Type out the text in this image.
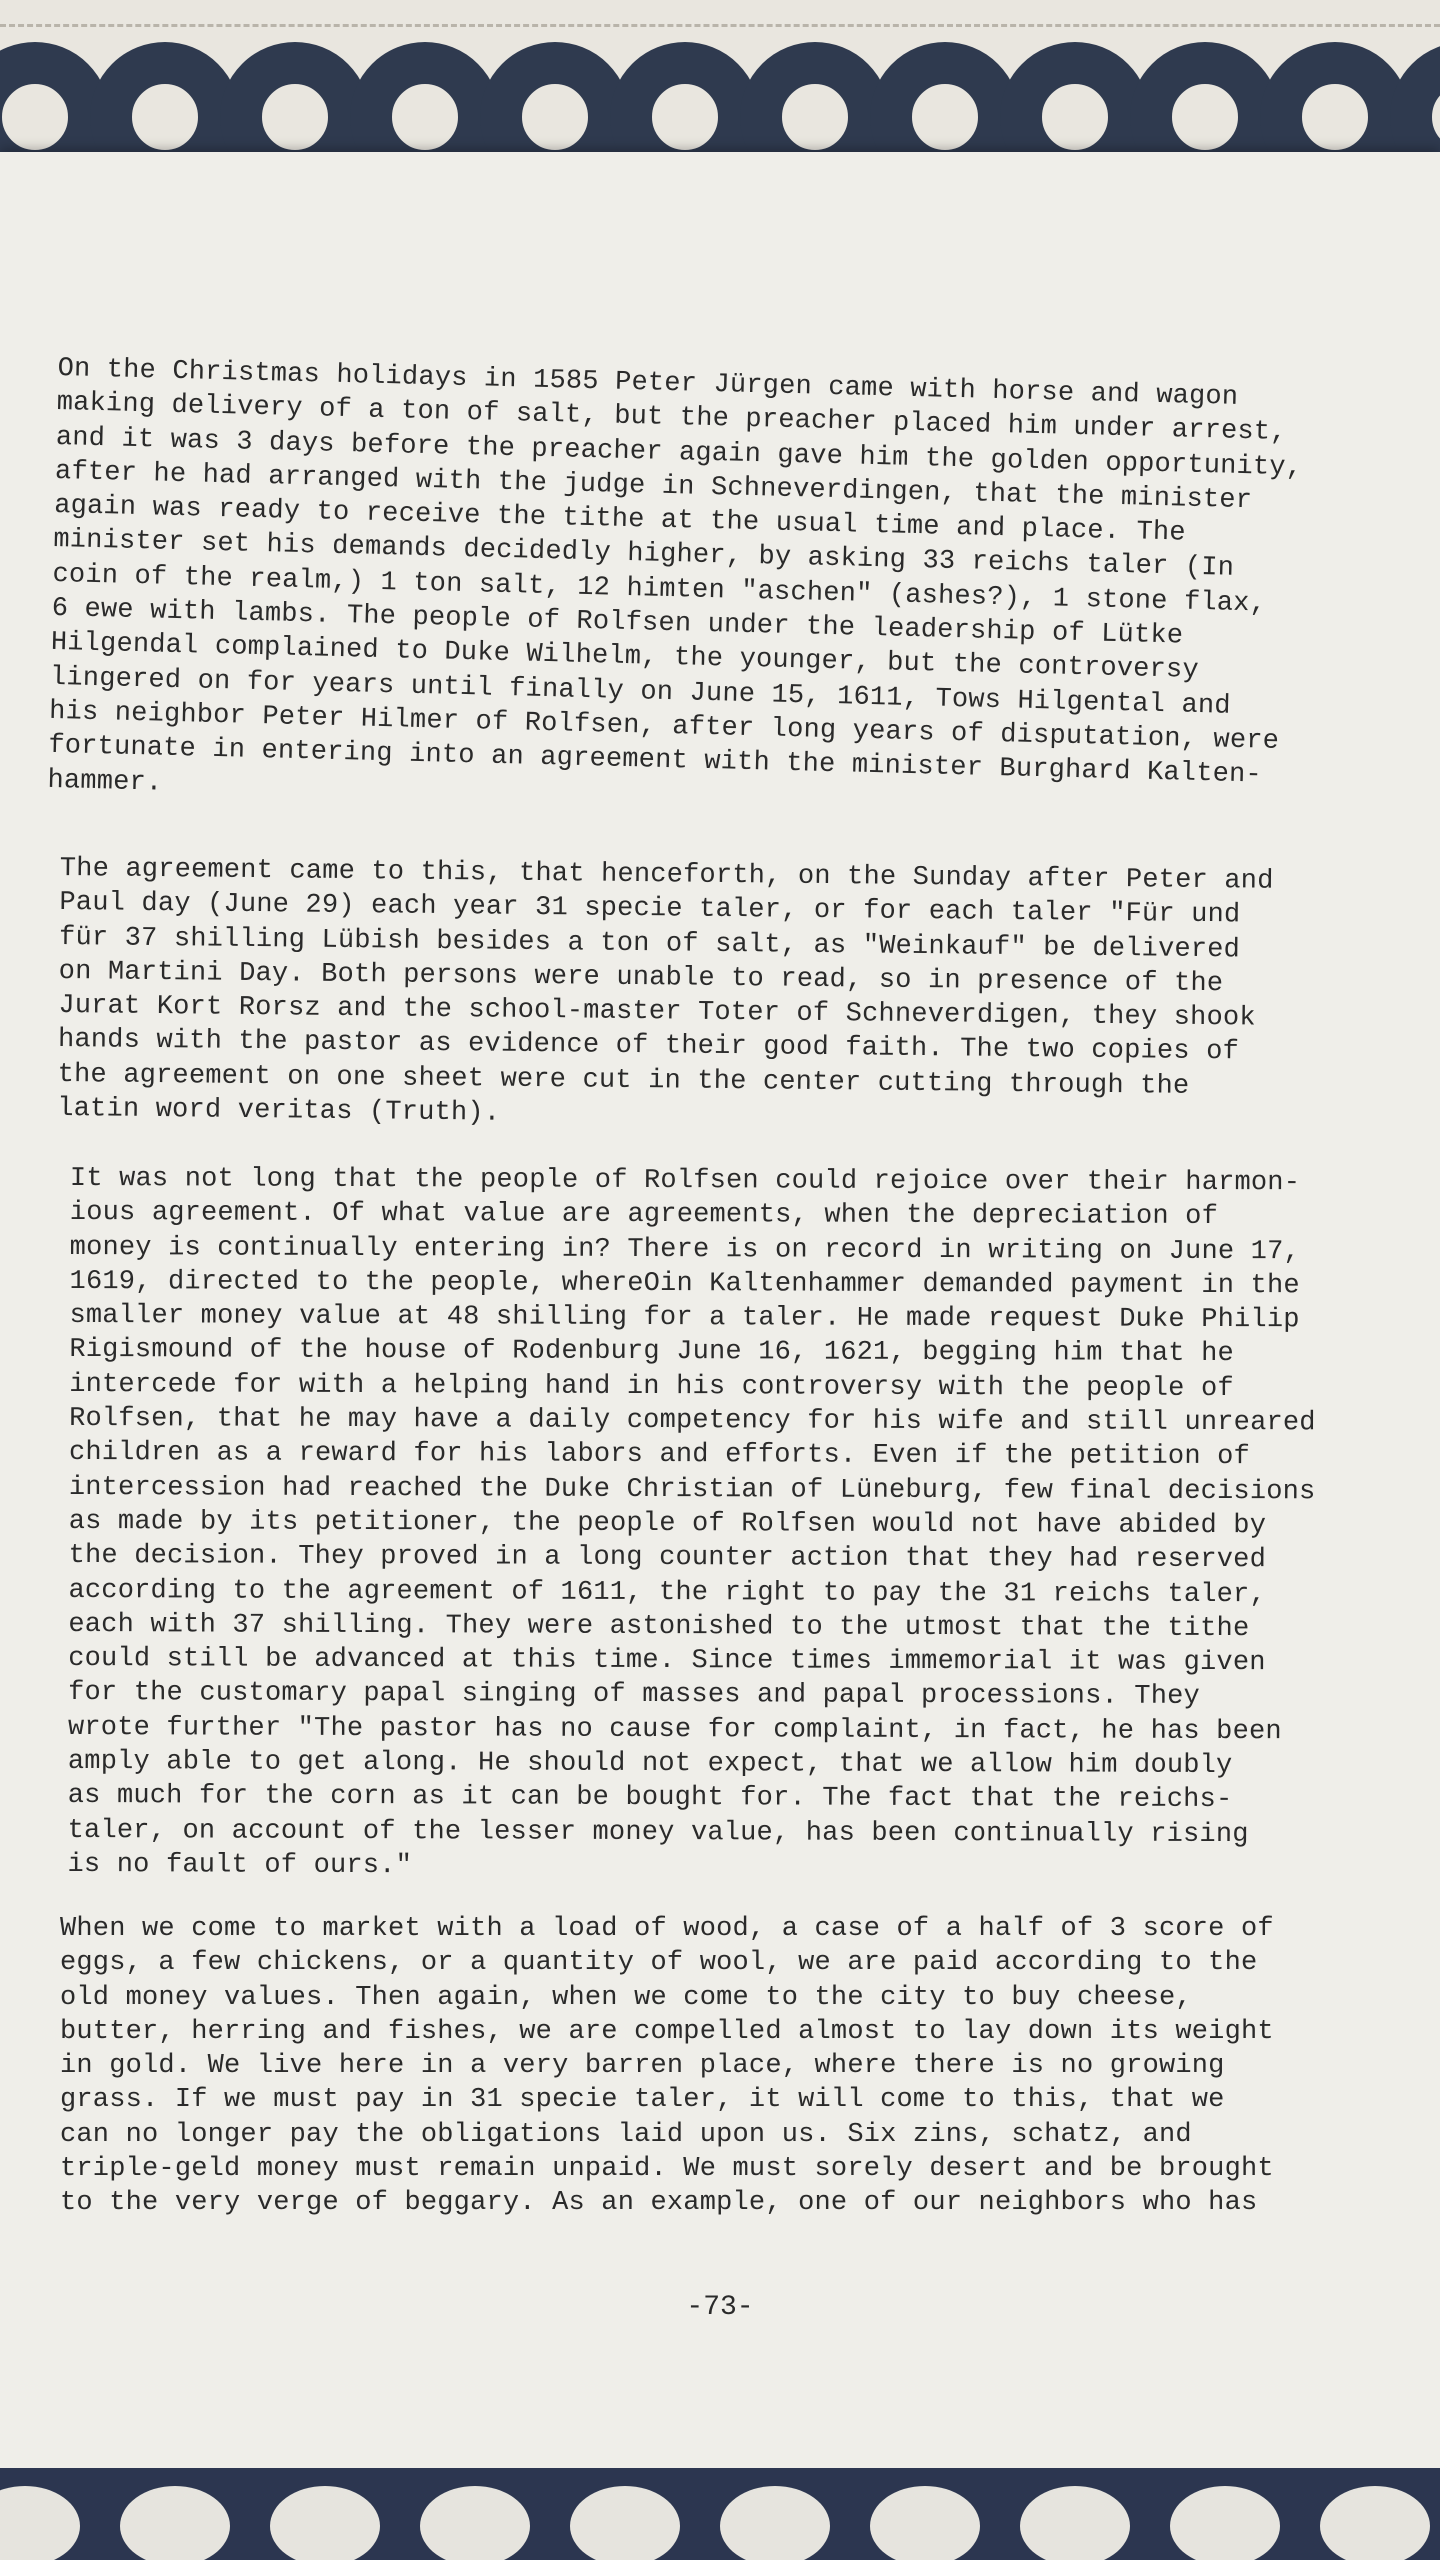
On the Christmas holidays in 1585 Peter Jürgen came with horse and wagon
making delivery of a ton of salt, but the preacher placed him under arrest,
and it was 3 days before the preacher again gave him the golden opportunity,
after he had arranged with the judge in Schneverdingen, that the minister
again was ready to receive the tithe at the usual time and place. The
minister set his demands decidedly higher, by asking 33 reichs taler (In
coin of the realm,) 1 ton salt, 12 himten "aschen" (ashes?), 1 stone flax,
6 ewe with lambs. The people of Rolfsen under the leadership of Lütke
Hilgendal complained to Duke Wilhelm, the younger, but the controversy
lingered on for years until finally on June 15, 1611, Tows Hilgental and
his neighbor Peter Hilmer of Rolfsen, after long years of disputation, were
fortunate in entering into an agreement with the minister Burghard Kalten-
hammer.
The agreement came to this, that henceforth, on the Sunday after Peter and
Paul day (June 29) each year 31 specie taler, or for each taler "Für und
für 37 shilling Lübish besides a ton of salt, as "Weinkauf" be delivered
on Martini Day. Both persons were unable to read, so in presence of the
Jurat Kort Rorsz and the school-master Toter of Schneverdigen, they shook
hands with the pastor as evidence of their good faith. The two copies of
the agreement on one sheet were cut in the center cutting through the
latin word veritas (Truth).
It was not long that the people of Rolfsen could rejoice over their harmon-
ious agreement. Of what value are agreements, when the depreciation of
money is continually entering in? There is on record in writing on June 17,
1619, directed to the people, whereOin Kaltenhammer demanded payment in the
smaller money value at 48 shilling for a taler. He made request Duke Philip
Rigismound of the house of Rodenburg June 16, 1621, begging him that he
intercede for with a helping hand in his controversy with the people of
Rolfsen, that he may have a daily competency for his wife and still unreared
children as a reward for his labors and efforts. Even if the petition of
intercession had reached the Duke Christian of Lüneburg, few final decisions
as made by its petitioner, the people of Rolfsen would not have abided by
the decision. They proved in a long counter action that they had reserved
according to the agreement of 1611, the right to pay the 31 reichs taler,
each with 37 shilling. They were astonished to the utmost that the tithe
could still be advanced at this time. Since times immemorial it was given
for the customary papal singing of masses and papal processions. They
wrote further "The pastor has no cause for complaint, in fact, he has been
amply able to get along. He should not expect, that we allow him doubly
as much for the corn as it can be bought for. The fact that the reichs-
taler, on account of the lesser money value, has been continually rising
is no fault of ours."
When we come to market with a load of wood, a case of a half of 3 score of
eggs, a few chickens, or a quantity of wool, we are paid according to the
old money values. Then again, when we come to the city to buy cheese,
butter, herring and fishes, we are compelled almost to lay down its weight
in gold. We live here in a very barren place, where there is no growing
grass. If we must pay in 31 specie taler, it will come to this, that we
can no longer pay the obligations laid upon us. Six zins, schatz, and
triple-geld money must remain unpaid. We must sorely desert and be brought
to the very verge of beggary. As an example, one of our neighbors who has
-73-
